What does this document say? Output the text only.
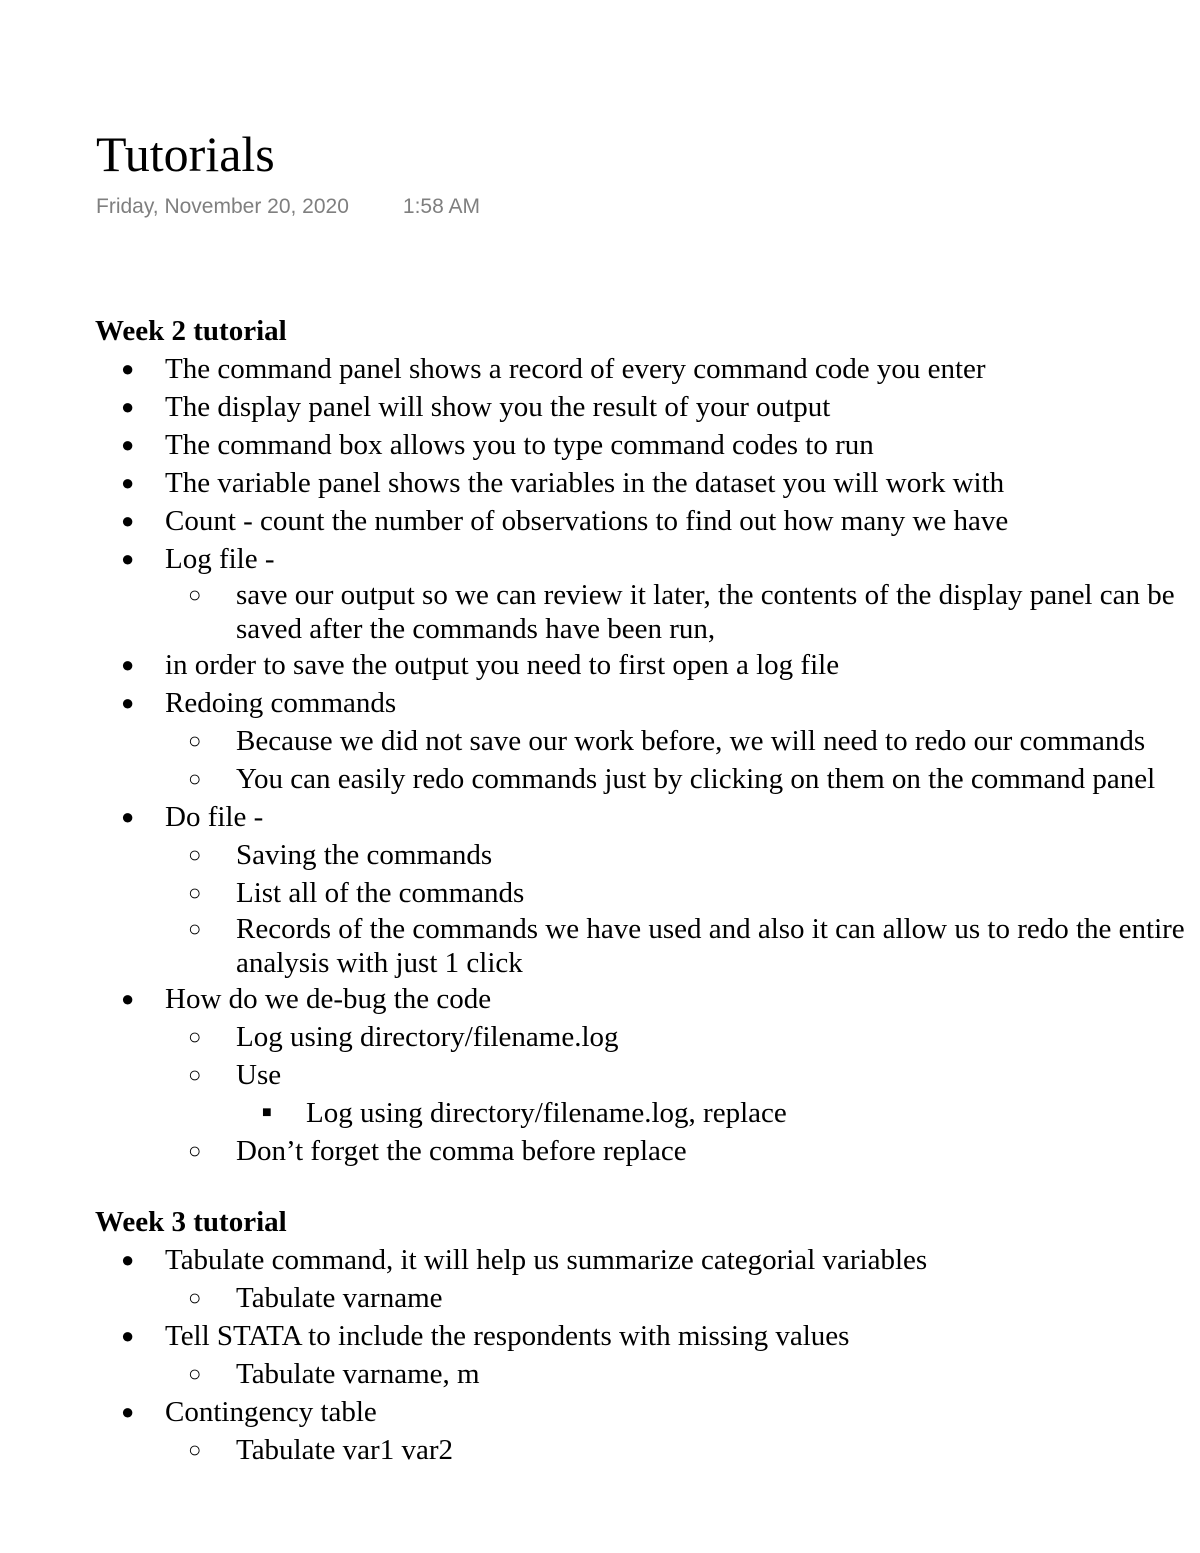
Tutorials
Friday, November 20, 2020	1:58 AM
Week 2 tutorial
● The command panel shows a record of every command code you enter
● The display panel will show you the result of your output
● The command box allows you to type command codes to run
● The variable panel shows the variables in the dataset you will work with
● Count - count the number of observations to find out how many we have
● Log file -
○ save our output so we can review it later, the contents of the display panel can be
saved after the commands have been run,
● in order to save the output you need to first open a log file
● Redoing commands
○ Because we did not save our work before, we will need to redo our commands
○ You can easily redo commands just by clicking on them on the command panel
● Do file -
○ Saving the commands
○ List all of the commands
○ Records of the commands we have used and also it can allow us to redo the entire
analysis with just 1 click
● How do we de-bug the code
○ Log using directory/filename.log
○ Use
■ Log using directory/filename.log, replace
○ Don’t forget the comma before replace
Week 3 tutorial
● Tabulate command, it will help us summarize categorial variables
○ Tabulate varname
● Tell STATA to include the respondents with missing values
○ Tabulate varname, m
● Contingency table
○ Tabulate var1 var2
